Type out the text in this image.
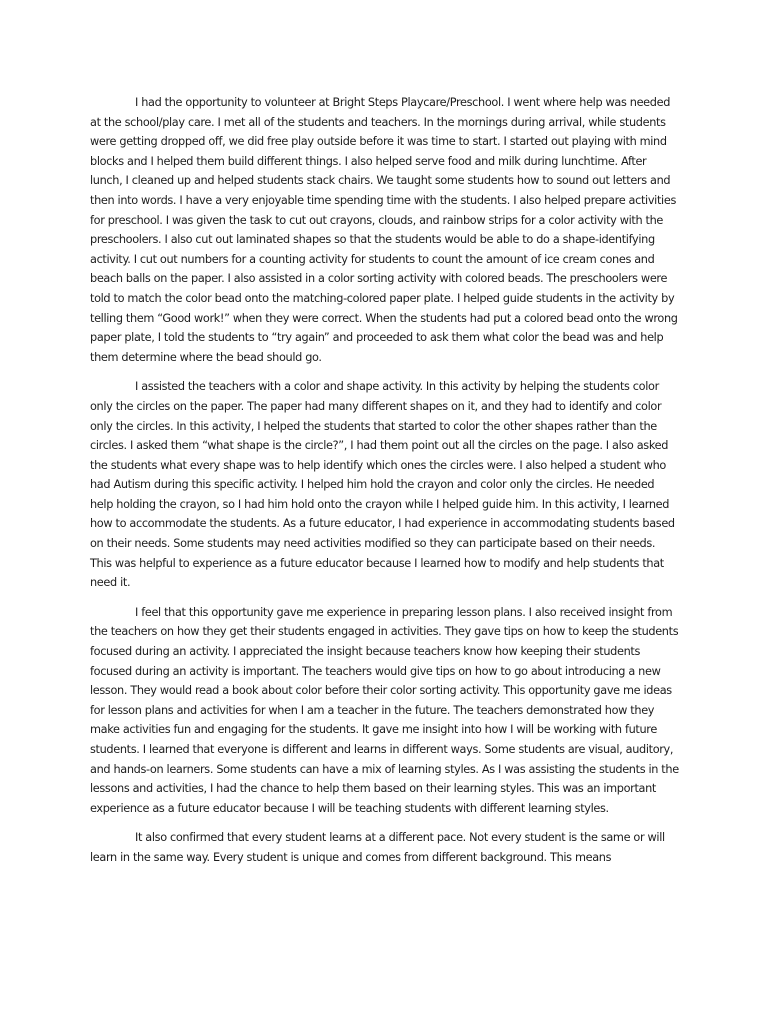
I had the opportunity to volunteer at Bright Steps Playcare/Preschool. I went where help was needed at the school/play care. I met all of the students and teachers. In the mornings during arrival, while students were getting dropped off, we did free play outside before it was time to start. I started out playing with mind blocks and I helped them build different things. I also helped serve food and milk during lunchtime. After lunch, I cleaned up and helped students stack chairs. We taught some students how to sound out letters and then into words. I have a very enjoyable time spending time with the students. I also helped prepare activities for preschool. I was given the task to cut out crayons, clouds, and rainbow strips for a color activity with the preschoolers. I also cut out laminated shapes so that the students would be able to do a shape-identifying activity. I cut out numbers for a counting activity for students to count the amount of ice cream cones and beach balls on the paper. I also assisted in a color sorting activity with colored beads. The preschoolers were told to match the color bead onto the matching-colored paper plate. I helped guide students in the activity by telling them “Good work!” when they were correct. When the students had put a colored bead onto the wrong paper plate, I told the students to “try again” and proceeded to ask them what color the bead was and help them determine where the bead should go.

I assisted the teachers with a color and shape activity. In this activity by helping the students color only the circles on the paper. The paper had many different shapes on it, and they had to identify and color only the circles. In this activity, I helped the students that started to color the other shapes rather than the circles. I asked them “what shape is the circle?”, I had them point out all the circles on the page. I also asked the students what every shape was to help identify which ones the circles were. I also helped a student who had Autism during this specific activity. I helped him hold the crayon and color only the circles. He needed help holding the crayon, so I had him hold onto the crayon while I helped guide him. In this activity, I learned how to accommodate the students. As a future educator, I had experience in accommodating students based on their needs. Some students may need activities modified so they can participate based on their needs. This was helpful to experience as a future educator because I learned how to modify and help students that need it.

I feel that this opportunity gave me experience in preparing lesson plans. I also received insight from the teachers on how they get their students engaged in activities. They gave tips on how to keep the students focused during an activity. I appreciated the insight because teachers know how keeping their students focused during an activity is important. The teachers would give tips on how to go about introducing a new lesson. They would read a book about color before their color sorting activity. This opportunity gave me ideas for lesson plans and activities for when I am a teacher in the future. The teachers demonstrated how they make activities fun and engaging for the students. It gave me insight into how I will be working with future students. I learned that everyone is different and learns in different ways. Some students are visual, auditory, and hands-on learners. Some students can have a mix of learning styles. As I was assisting the students in the lessons and activities, I had the chance to help them based on their learning styles. This was an important experience as a future educator because I will be teaching students with different learning styles.

It also confirmed that every student learns at a different pace. Not every student is the same or will learn in the same way. Every student is unique and comes from different background. This means
